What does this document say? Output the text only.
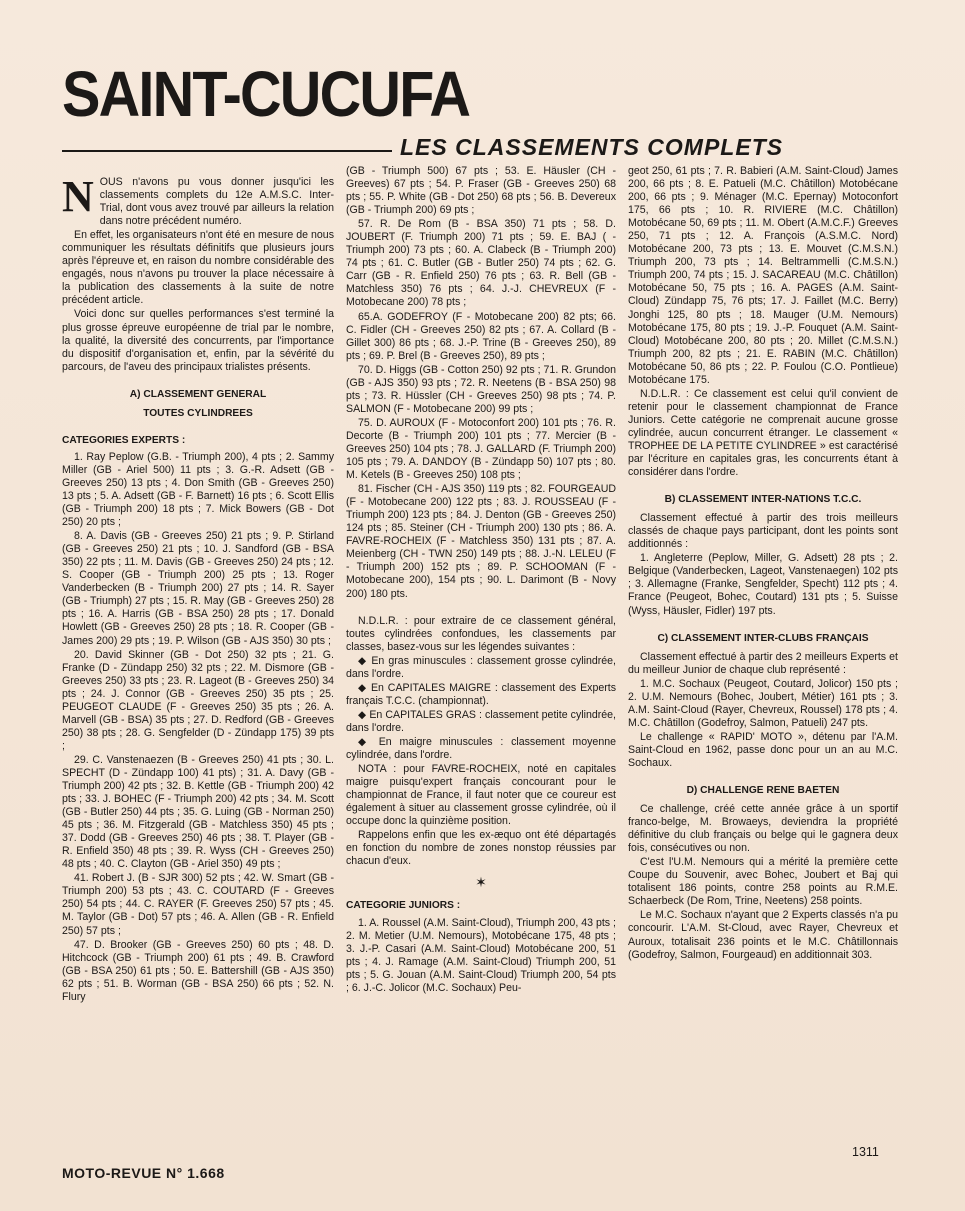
SAINT-CUCUFA
LES CLASSEMENTS COMPLETS
N OUS n'avons pu vous donner jusqu'ici les classements complets du 12e A.M.S.C. Inter-Trial, dont vous avez trouvé par ailleurs la relation dans notre précédent numéro.

En effet, les organisateurs n'ont été en mesure de nous communiquer les résultats définitifs que plusieurs jours après l'épreuve et, en raison du nombre considérable des engagés, nous n'avons pu trouver la place nécessaire à la publication des classements à la suite de notre précédent article.

Voici donc sur quelles performances s'est terminé la plus grosse épreuve européenne de trial par le nombre, la qualité, la diversité des concurrents, par l'importance du dispositif d'organisation et, enfin, par la sévérité du parcours, de l'aveu des principaux trialistes présents.

A) CLASSEMENT GENERAL
TOUTES CYLINDREES
CATEGORIES EXPERTS :

1. Ray Peplow (G.B. - Triumph 200), 4 pts ; 2. Sammy Miller (GB - Ariel 500) 11 pts ; 3. G.-R. Adsett (GB - Greeves 250) 13 pts ; 4. Don Smith (GB - Greeves 250) 13 pts ; 5. A. Adsett (GB - F. Barnett) 16 pts ; 6. Scott Ellis (GB - Triumph 200) 18 pts ; 7. Mick Bowers (GB - Dot 250) 20 pts ;

8. A. Davis (GB - Greeves 250) 21 pts ; 9. P. Stirland (GB - Greeves 250) 21 pts ; 10. J. Sandford (GB - BSA 350) 22 pts ; 11. M. Davis (GB - Greeves 250) 24 pts ; 12. S. Cooper (GB - Triumph 200) 25 pts ; 13. Roger Vanderbecken (B - Triumph 200) 27 pts ; 14. R. Sayer (GB - Triumph) 27 pts ; 15. R. May (GB - Greeves 250) 28 pts ; 16. A. Harris (GB - BSA 250) 28 pts ; 17. Donald Howlett (GB - Greeves 250) 28 pts ; 18. R. Cooper (GB - James 200) 29 pts ; 19. P. Wilson (GB - AJS 350) 30 pts ;

20. David Skinner (GB - Dot 250) 32 pts ; 21. G. Franke (D - Zündapp 250) 32 pts ; 22. M. Dismore (GB - Greeves 250) 33 pts ; 23. R. Lageot (B - Greeves 250) 34 pts ; 24. J. Connor (GB - Greeves 250) 35 pts ; 25. PEUGEOT CLAUDE (F - Greeves 250) 35 pts ; 26. A. Marvell (GB - BSA) 35 pts ; 27. D. Redford (GB - Greeves 250) 38 pts ; 28. G. Sengfelder (D - Zündapp 175) 39 pts ;

29. C. Vanstenaezen (B - Greeves 250) 41 pts ; 30. L. SPECHT (D - Zündapp 100) 41 pts) ; 31. A. Davy (GB - Triumph 200) 42 pts ; 32. B. Kettle (GB - Triumph 200) 42 pts ; 33. J. BOHEC (F - Triumph 200) 42 pts ; 34. M. Scott (GB - Butler 250) 44 pts ; 35. G. Luing (GB - Norman 250) 45 pts ; 36. M. Fitzgerald (GB - Matchless 350) 45 pts ; 37. Dodd (GB - Greeves 250) 46 pts ; 38. T. Player (GB - R. Enfield 350) 48 pts ; 39. R. Wyss (CH - Greeves 250) 48 pts ; 40. C. Clayton (GB - Ariel 350) 49 pts ;

41. Robert J. (B - SJR 300) 52 pts ; 42. W. Smart (GB - Triumph 200) 53 pts ; 43. C. COUTARD (F - Greeves 250) 54 pts ; 44. C. RAYER (F. Greeves 250) 57 pts ; 45. M. Taylor (GB - Dot) 57 pts ; 46. A. Allen (GB - R. Enfield 250) 57 pts ;

47. D. Brooker (GB - Greeves 250) 60 pts ; 48. D. Hitchcock (GB - Triumph 200) 61 pts ; 49. B. Crawford (GB - BSA 250) 61 pts ; 50. E. Battershill (GB - AJS 350) 62 pts ; 51. B. Worman (GB - BSA 250) 66 pts ; 52. N. Flury

(GB - Triumph 500) 67 pts ; 53. E. Häusler (CH - Greeves) 67 pts ; 54. P. Fraser (GB - Greeves 250) 68 pts ; 55. P. White (GB - Dot 250) 68 pts ; 56. B. Devereux (GB - Triumph 200) 69 pts ;

57. R. De Rom (B - BSA 350) 71 pts ; 58. D. JOUBERT (F. Triumph 200) 71 pts ; 59. E. BAJ ( - Triumph 200) 73 pts ; 60. A. Clabeck (B - Triumph 200) 74 pts ; 61. C. Butler (GB - Butler 250) 74 pts ; 62. G. Carr (GB - R. Enfield 250) 76 pts ; 63. R. Bell (GB - Matchless 350) 76 pts ; 64. J.-J. CHEVREUX (F - Motobecane 200) 78 pts ;

65.A. GODEFROY (F - Motobecane 200) 82 pts; 66. C. Fidler (CH - Greeves 250) 82 pts ; 67. A. Collard (B - Gillet 300) 86 pts ; 68. J.-P. Trine (B - Greeves 250), 89 pts ; 69. P. Brel (B - Greeves 250), 89 pts ;

70. D. Higgs (GB - Cotton 250) 92 pts ; 71. R. Grundon (GB - AJS 350) 93 pts ; 72. R. Neetens (B - BSA 250) 98 pts ; 73. R. Hüssler (CH - Greeves 250) 98 pts ; 74. P. SALMON (F - Motobecane 200) 99 pts ;

75. D. AUROUX (F - Motoconfort 200) 101 pts ; 76. R. Decorte (B - Triumph 200) 101 pts ; 77. Mercier (B - Greeves 250) 104 pts ; 78. J. GALLARD (F. Triumph 200) 105 pts ; 79. A. DANDOY (B - Zündapp 50) 107 pts ; 80. M. Ketels (B - Greeves 250) 108 pts ;

81. Fischer (CH - AJS 350) 119 pts ; 82. FOURGEAUD (F - Motobecane 200) 122 pts ; 83. J. ROUSSEAU (F - Triumph 200) 123 pts ; 84. J. Denton (GB - Greeves 250) 124 pts ; 85. Steiner (CH - Triumph 200) 130 pts ; 86. A. FAVRE-ROCHEIX (F - Matchless 350) 131 pts ; 87. A. Meienberg (CH - TWN 250) 149 pts ; 88. J.-N. LELEU (F - Triumph 200) 152 pts ; 89. P. SCHOOMAN (F - Motobecane 200), 154 pts ; 90. L. Darimont (B - Novy 200) 180 pts.

N.D.L.R. : pour extraire de ce classement général, toutes cylindrées confondues, les classements par classes, basez-vous sur les légendes suivantes :

◆ En gras minuscules : classement grosse cylindrée, dans l'ordre.

◆ En CAPITALES MAIGRE : classement des Experts français T.C.C. (championnat).

◆ En CAPITALES GRAS : classement petite cylindrée, dans l'ordre.

◆ En maigre minuscules : classement moyenne cylindrée, dans l'ordre.

NOTA : pour FAVRE-ROCHEIX, noté en capitales maigre puisqu'expert français concourant pour le championnat de France, il faut noter que ce coureur est également à situer au classement grosse cylindrée, où il occupe donc la quinzième position.

Rappelons enfin que les ex-æquo ont été départagés en fonction du nombre de zones nonstop réussies par chacun d'eux.

✶
CATEGORIE JUNIORS :

1. A. Roussel (A.M. Saint-Cloud), Triumph 200, 43 pts ; 2. M. Metier (U.M. Nemours), Motobécane 175, 48 pts ; 3. J.-P. Casari (A.M. Saint-Cloud) Motobécane 200, 51 pts ; 4. J. Ramage (A.M. Saint-Cloud) Triumph 200, 51 pts ; 5. G. Jouan (A.M. Saint-Cloud) Triumph 200, 54 pts ; 6. J.-C. Jolicor (M.C. Sochaux) Peu-

geot 250, 61 pts ; 7. R. Babieri (A.M. Saint-Cloud) James 200, 66 pts ; 8. E. Patueli (M.C. Châtillon) Motobécane 200, 66 pts ; 9. Ménager (M.C. Epernay) Motoconfort 175, 66 pts ; 10. R. RIVIERE (M.C. Châtillon) Motobécane 50, 69 pts ; 11. M. Obert (A.M.C.F.) Greeves 250, 71 pts ; 12. A. François (A.S.M.C. Nord) Motobécane 200, 73 pts ; 13. E. Mouvet (C.M.S.N.) Triumph 200, 73 pts ; 14. Beltrammelli (C.M.S.N.) Triumph 200, 74 pts ; 15. J. SACAREAU (M.C. Châtillon) Motobécane 50, 75 pts ; 16. A. PAGES (A.M. Saint-Cloud) Zündapp 75, 76 pts; 17. J. Faillet (M.C. Berry) Jonghi 125, 80 pts ; 18. Mauger (U.M. Nemours) Motobécane 175, 80 pts ; 19. J.-P. Fouquet (A.M. Saint-Cloud) Motobécane 200, 80 pts ; 20. Millet (C.M.S.N.) Triumph 200, 82 pts ; 21. E. RABIN (M.C. Châtillon) Motobécane 50, 86 pts ; 22. P. Foulou (C.O. Pontlieue) Motobécane 175.

N.D.L.R. : Ce classement est celui qu'il convient de retenir pour le classement championnat de France Juniors. Cette catégorie ne comprenait aucune grosse cylindrée, aucun concurrent étranger. Le classement « TROPHEE DE LA PETITE CYLINDREE » est caractérisé par l'écriture en capitales gras, les concurrents étant à considérer dans l'ordre.

B) CLASSEMENT INTER-NATIONS T.C.C.

Classement effectué à partir des trois meilleurs classés de chaque pays participant, dont les points sont additionnés :

1. Angleterre (Peplow, Miller, G. Adsett) 28 pts ; 2. Belgique (Vanderbecken, Lageot, Vanstenaegen) 102 pts ; 3. Allemagne (Franke, Sengfelder, Specht) 112 pts ; 4. France (Peugeot, Bohec, Coutard) 131 pts ; 5. Suisse (Wyss, Häusler, Fidler) 197 pts.

C) CLASSEMENT INTER-CLUBS FRANÇAIS

Classement effectué à partir des 2 meilleurs Experts et du meilleur Junior de chaque club représenté :

1. M.C. Sochaux (Peugeot, Coutard, Jolicor) 150 pts ; 2. U.M. Nemours (Bohec, Joubert, Métier) 161 pts ; 3. A.M. Saint-Cloud (Rayer, Chevreux, Roussel) 178 pts ; 4. M.C. Châtillon (Godefroy, Salmon, Patueli) 247 pts.

Le challenge « RAPID' MOTO », détenu par l'A.M. Saint-Cloud en 1962, passe donc pour un an au M.C. Sochaux.

D) CHALLENGE RENE BAETEN

Ce challenge, créé cette année grâce à un sportif franco-belge, M. Browaeys, deviendra la propriété définitive du club français ou belge qui le gagnera deux fois, consécutives ou non.

C'est l'U.M. Nemours qui a mérité la première cette Coupe du Souvenir, avec Bohec, Joubert et Baj qui totalisent 186 points, contre 258 points au R.M.E. Schaerbeck (De Rom, Trine, Neetens) 258 points.

Le M.C. Sochaux n'ayant que 2 Experts classés n'a pu concourir. L'A.M. St-Cloud, avec Rayer, Chevreux et Auroux, totalisait 236 points et le M.C. Châtillonnais (Godefroy, Salmon, Fourgeaud) en additionnait 303.

MOTO-REVUE N° 1.668
1311
